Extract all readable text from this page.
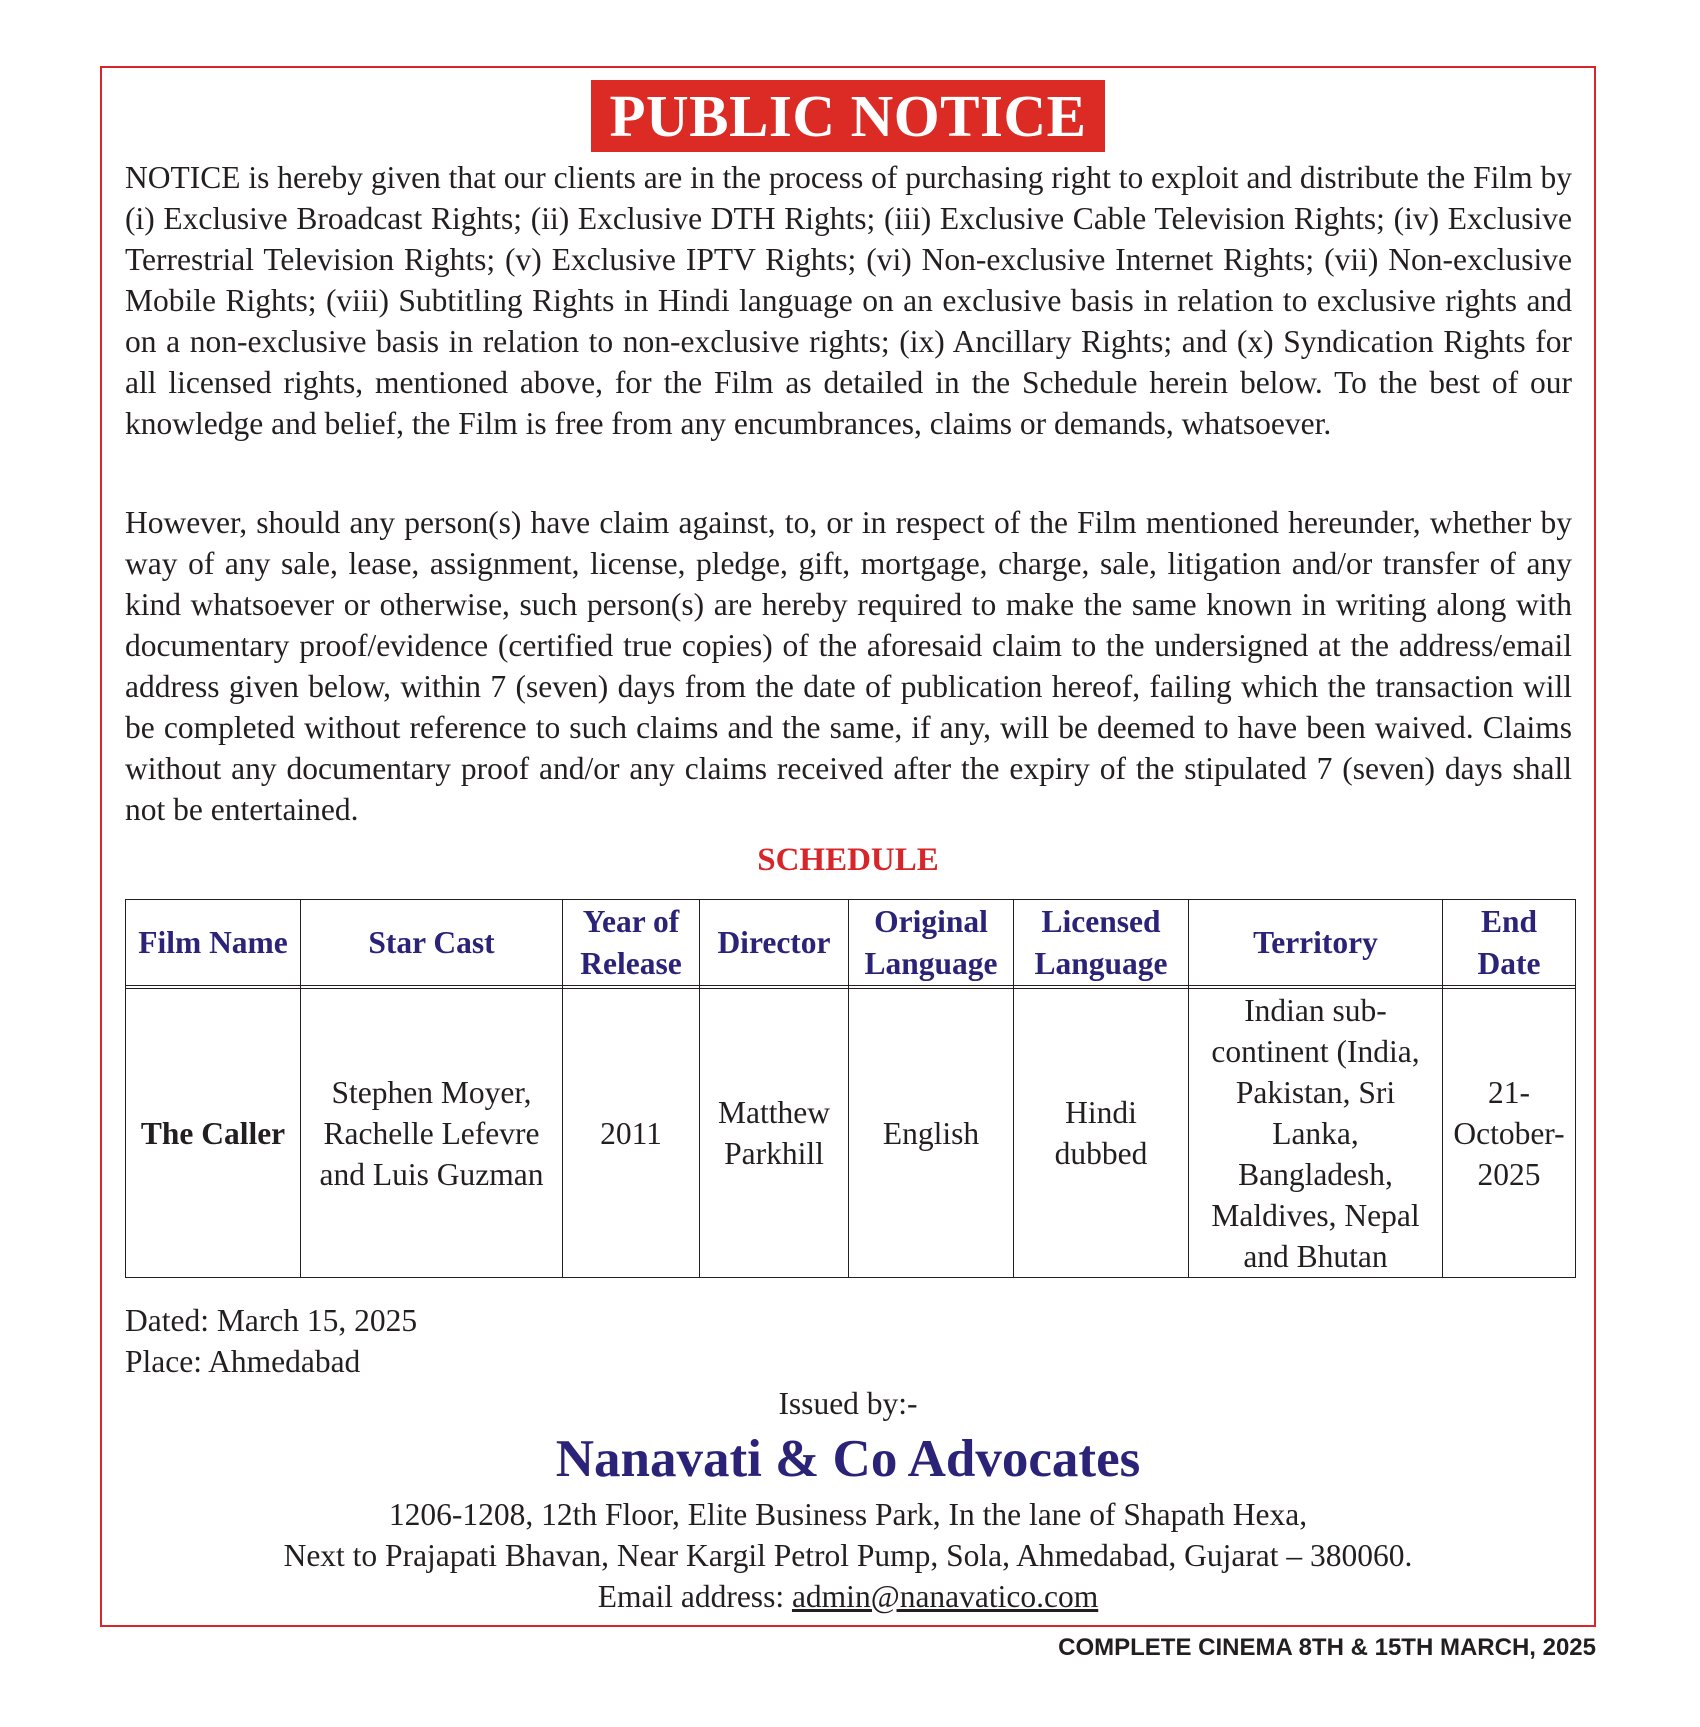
PUBLIC NOTICE

NOTICE is hereby given that our clients are in the process of purchasing right to exploit and distribute the Film by (i) Exclusive Broadcast Rights; (ii) Exclusive DTH Rights; (iii) Exclusive Cable Television Rights; (iv) Exclusive Terrestrial Television Rights; (v) Exclusive IPTV Rights; (vi) Non-exclusive Internet Rights; (vii) Non-exclusive Mobile Rights; (viii) Subtitling Rights in Hindi language on an exclusive basis in relation to exclusive rights and on a non-exclusive basis in relation to non-exclusive rights; (ix) Ancillary Rights; and (x) Syndication Rights for all licensed rights, mentioned above, for the Film as detailed in the Schedule herein below. To the best of our knowledge and belief, the Film is free from any encumbrances, claims or demands, whatsoever.

However, should any person(s) have claim against, to, or in respect of the Film mentioned hereunder, whether by way of any sale, lease, assignment, license, pledge, gift, mortgage, charge, sale, litigation and/or transfer of any kind whatsoever or otherwise, such person(s) are hereby required to make the same known in writing along with documentary proof/evidence (certified true copies) of the aforesaid claim to the undersigned at the address/email address given below, within 7 (seven) days from the date of publication hereof, failing which the transaction will be completed without reference to such claims and the same, if any, will be deemed to have been waived. Claims without any documentary proof and/or any claims received after the expiry of the stipulated 7 (seven) days shall not be entertained.

SCHEDULE
Film Name	Star Cast	Year of Release	Director	Original Language	Licensed Language	Territory	End Date

The Caller	Stephen Moyer, Rachelle Lefevre and Luis Guzman	2011	Matthew Parkhill	English	Hindi dubbed	Indian sub-continent (India, Pakistan, Sri Lanka, Bangladesh, Maldives, Nepal and Bhutan	21-October-2025
Dated: March 15, 2025
Place: Ahmedabad
Issued by:-
Nanavati & Co Advocates
1206-1208, 12th Floor, Elite Business Park, In the lane of Shapath Hexa,
Next to Prajapati Bhavan, Near Kargil Petrol Pump, Sola, Ahmedabad, Gujarat – 380060.
Email address: admin@nanavatico.com
COMPLETE CINEMA 8TH & 15TH MARCH, 2025
